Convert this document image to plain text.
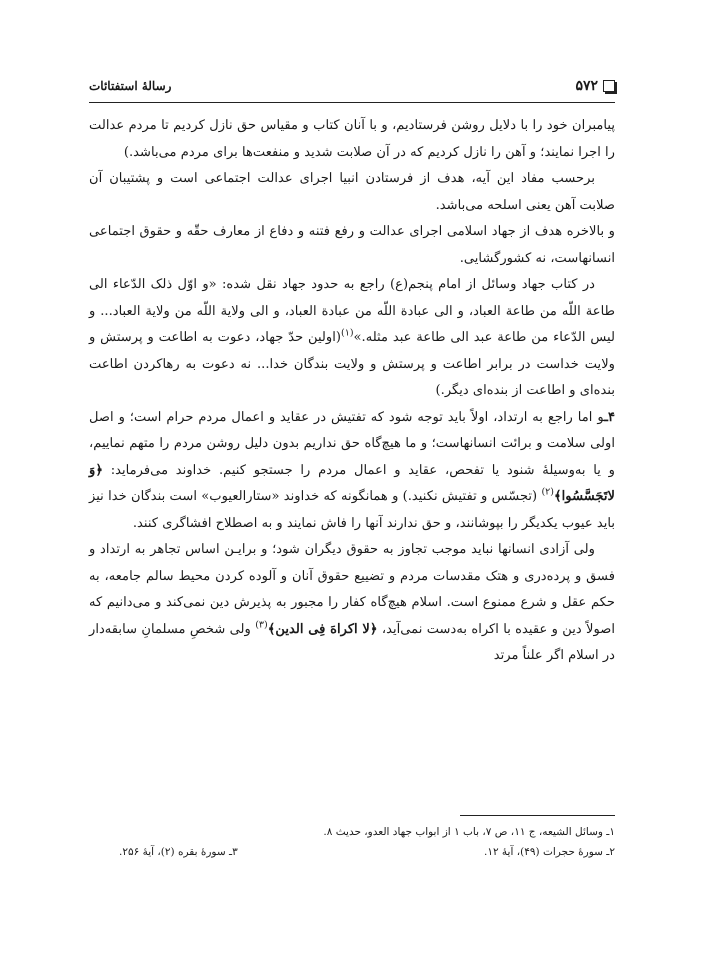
۵۷۲
رسالهٔ استفتائات

پیامبران خود را با دلایل روشن فرستادیم، و با آنان کتاب و مقیاس حق نازل کردیم تا مردم عدالت را اجرا نمایند؛ و آهن را نازل کردیم که در آن صلابت شدید و منفعت‌ها برای مردم می‌باشد.)

برحسب مفاد این آیه، هدف از فرستادن انبیا اجرای عدالت اجتماعی است و پشتیبان آن صلابت آهن یعنی اسلحه می‌باشد.

و بالاخره هدف از جهاد اسلامی اجرای عدالت و رفع فتنه و دفاع از معارف حقّه و حقوق اجتماعی انسانهاست، نه کشورگشایی.

در کتاب جهاد وسائل از امام پنجم(ع) راجع به حدود جهاد نقل شده: «و اوّل ذلک الدّعاء الی طاعة اللّه من طاعة العباد، و الی عبادة اللّه من عبادة العباد، و الی ولایة اللّه من ولایة العباد... و لیس الدّعاء من طاعة عبد الی طاعة عبد مثله.»$^{(۱)}$(اولین حدّ جهاد، دعوت به اطاعت و پرستش و ولایت خداست در برابر اطاعت و پرستش و ولایت بندگان خدا... نه دعوت به رهاکردن اطاعت بنده‌ای و اطاعت از بنده‌ای دیگر.)

۴ـو اما راجع به ارتداد، اولاً باید توجه شود که تفتیش در عقاید و اعمال مردم حرام است؛ و اصل اولی سلامت و برائت انسانهاست؛ و ما هیچ‌گاه حق نداریم بدون دلیل روشن مردم را متهم نماییم، و یا به‌وسیلهٔ شنود یا تفحص، عقاید و اعمال مردم را جستجو کنیم. خداوند می‌فرماید: ﴿وَ لاتَجَسَّسُوا﴾$^{(۲)}$ (تجسّس و تفتیش نکنید.) و همانگونه که خداوند «ستارالعیوب» است بندگان خدا نیز باید عیوب یکدیگر را بپوشانند، و حق ندارند آنها را فاش نمایند و به اصطلاح افشاگری کنند.

ولی آزادی انسانها نباید موجب تجاوز به حقوق دیگران شود؛ و برایـن اساس تجاهر به ارتداد و فسق و پرده‌دری و هتک مقدسات مردم و تضییع حقوق آنان و آلوده کردن محیط سالم جامعه، به حکم عقل و شرع ممنوع است. اسلام هیچ‌گاه کفار را مجبور به پذیرش دین نمی‌کند و می‌دانیم که اصولاً دین و عقیده با اکراه به‌دست نمی‌آید، ﴿لا اکراهَ فِی الدین﴾$^{(۳)}$ ولی شخصِ مسلمانِ سابقه‌دار در اسلام اگر علناً مرتد

۱ـ وسائل الشیعه، ج ۱۱، ص ۷، باب ۱ از ابواب جهاد العدو، حدیث ۸.
۲ـ سورهٔ حجرات (۴۹)، آیهٔ ۱۲.
۳ـ سورهٔ بقره (۲)، آیهٔ ۲۵۶.
